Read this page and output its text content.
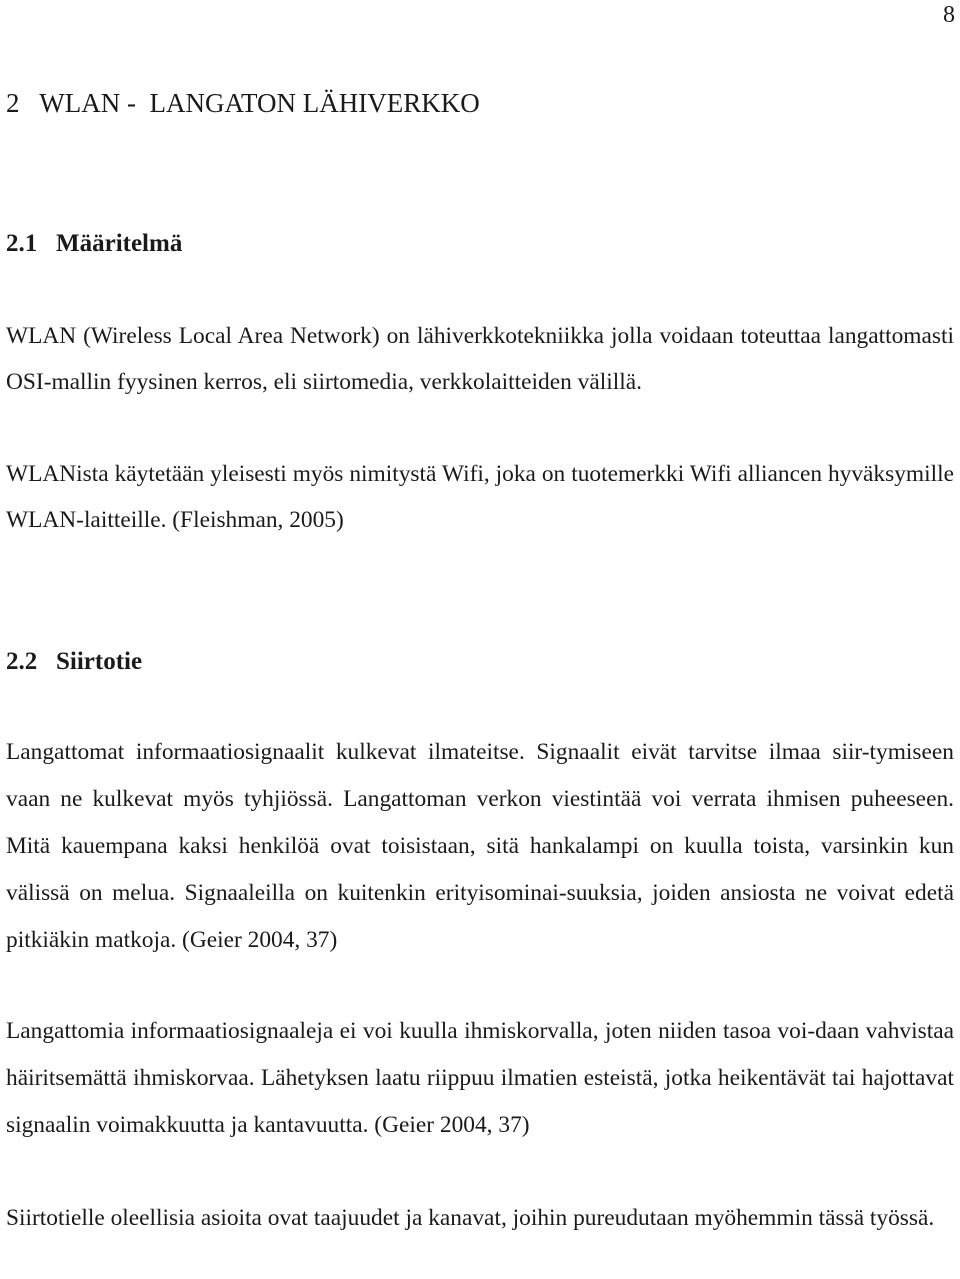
8
2   WLAN -  LANGATON LÄHIVERKKO
2.1   Määritelmä

WLAN (Wireless Local Area Network) on lähiverkkotekniikka jolla voidaan toteuttaa langattomasti OSI-mallin fyysinen kerros, eli siirtomedia, verkkolaitteiden välillä.

WLANista käytetään yleisesti myös nimitystä Wifi, joka on tuotemerkki Wifi alliancen hyväksymille WLAN-laitteille. (Fleishman, 2005)

2.2   Siirtotie

Langattomat informaatiosignaalit kulkevat ilmateitse. Signaalit eivät tarvitse ilmaa siir-tymiseen vaan ne kulkevat myös tyhjiössä. Langattoman verkon viestintää voi verrata ihmisen puheeseen. Mitä kauempana kaksi henkilöä ovat toisistaan, sitä hankalampi on kuulla toista, varsinkin kun välissä on melua. Signaaleilla on kuitenkin erityisominai-suuksia, joiden ansiosta ne voivat edetä pitkiäkin matkoja. (Geier 2004, 37)

Langattomia informaatiosignaaleja ei voi kuulla ihmiskorvalla, joten niiden tasoa voi-daan vahvistaa häiritsemättä ihmiskorvaa. Lähetyksen laatu riippuu ilmatien esteistä, jotka heikentävät tai hajottavat signaalin voimakkuutta ja kantavuutta. (Geier 2004, 37)

Siirtotielle oleellisia asioita ovat taajuudet ja kanavat, joihin pureudutaan myöhemmin tässä työssä.
